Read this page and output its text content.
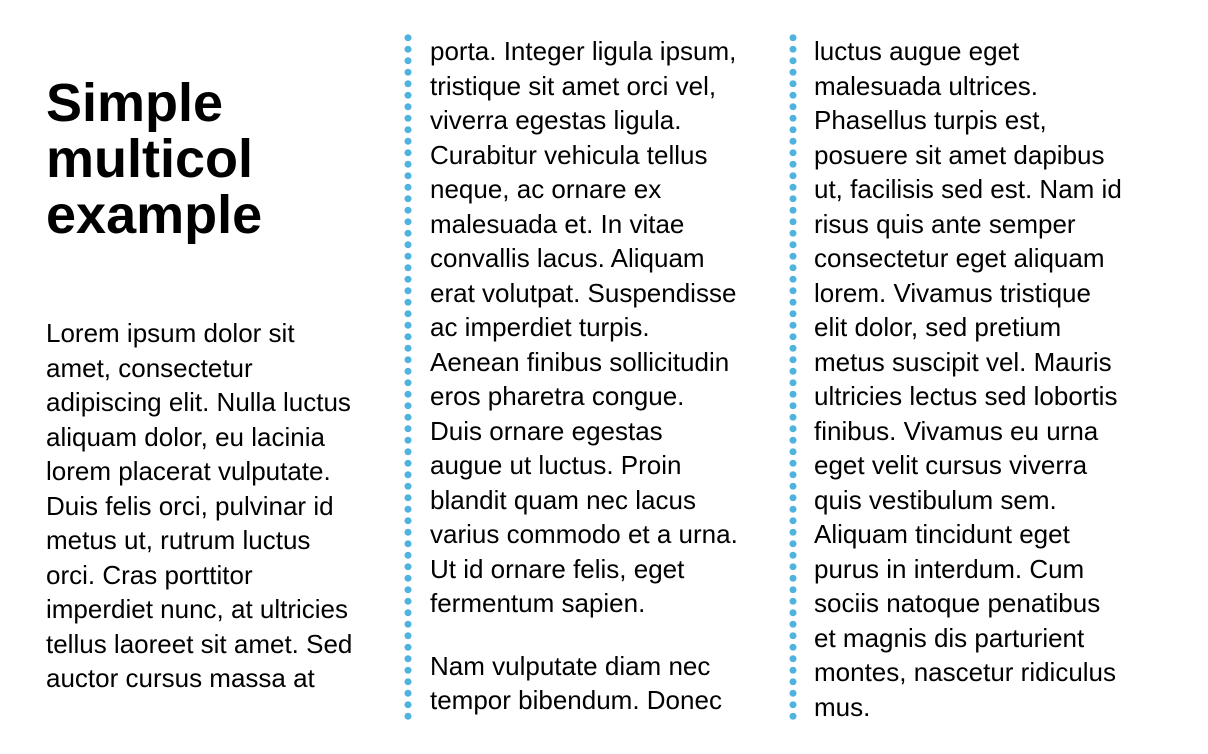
Simple
multicol
example

Lorem ipsum dolor sit

amet, consectetur

adipiscing elit. Nulla luctus

aliquam dolor, eu lacinia

lorem placerat vulputate.

Duis felis orci, pulvinar id

metus ut, rutrum luctus

orci. Cras porttitor

imperdiet nunc, at ultricies

tellus laoreet sit amet. Sed

auctor cursus massa at

porta. Integer ligula ipsum,

tristique sit amet orci vel,

viverra egestas ligula.

Curabitur vehicula tellus

neque, ac ornare ex

malesuada et. In vitae

convallis lacus. Aliquam

erat volutpat. Suspendisse

ac imperdiet turpis.

Aenean finibus sollicitudin

eros pharetra congue.

Duis ornare egestas

augue ut luctus. Proin

blandit quam nec lacus

varius commodo et a urna.

Ut id ornare felis, eget

fermentum sapien.

Nam vulputate diam nec

tempor bibendum. Donec

luctus augue eget

malesuada ultrices.

Phasellus turpis est,

posuere sit amet dapibus

ut, facilisis sed est. Nam id

risus quis ante semper

consectetur eget aliquam

lorem. Vivamus tristique

elit dolor, sed pretium

metus suscipit vel. Mauris

ultricies lectus sed lobortis

finibus. Vivamus eu urna

eget velit cursus viverra

quis vestibulum sem.

Aliquam tincidunt eget

purus in interdum. Cum

sociis natoque penatibus

et magnis dis parturient

montes, nascetur ridiculus

mus.
